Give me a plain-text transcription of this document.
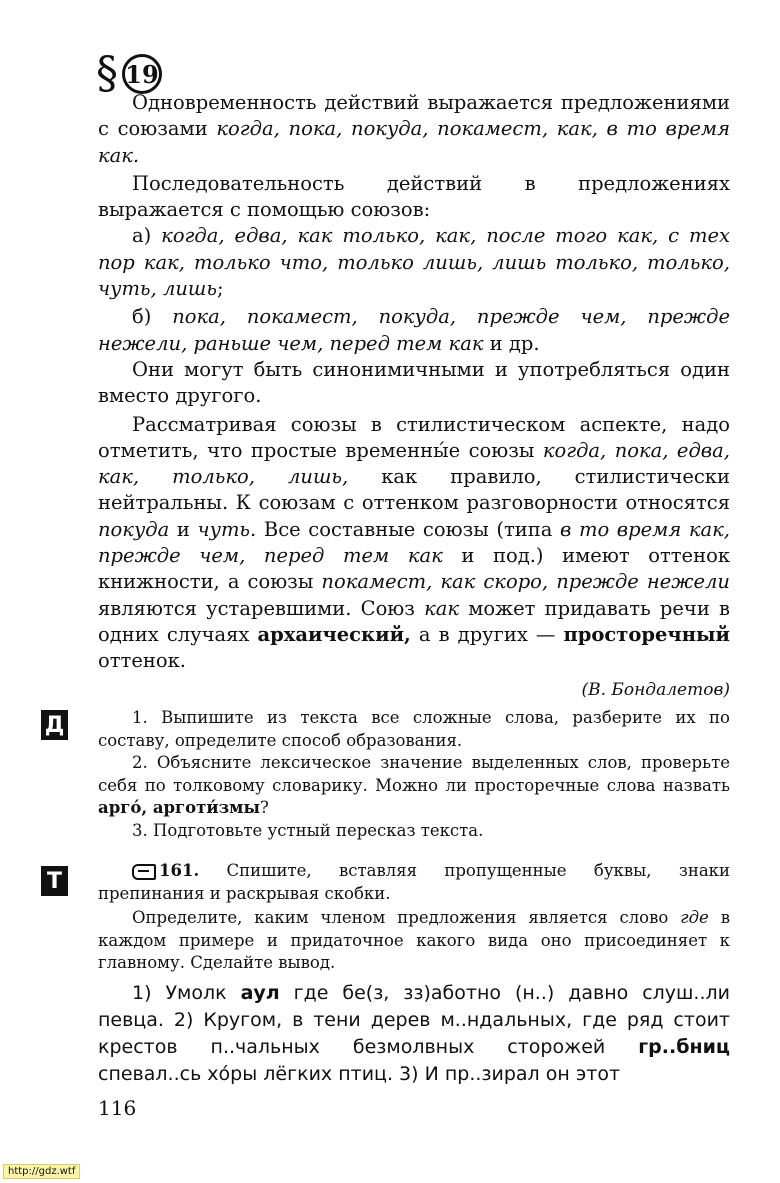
§ 19

Одновременность действий выражается предложениями с союзами когда, пока, покуда, покамест, как, в то время как.

Последовательность действий в предложениях выражается с помощью союзов:

а) когда, едва, как только, как, после того как, с тех пор как, только что, только лишь, лишь только, только, чуть, лишь;

б) пока, покамест, покуда, прежде чем, прежде нежели, раньше чем, перед тем как и др.

Они могут быть синонимичными и употребляться один вместо другого.

Рассматривая союзы в стилистическом аспекте, надо отметить, что простые временны́е союзы когда, пока, едва, как, только, лишь, как правило, стилистически нейтральны. К союзам с оттенком разговорности относятся покуда и чуть. Все составные союзы (типа в то время как, прежде чем, перед тем как и под.) имеют оттенок книжности, а союзы покамест, как скоро, прежде нежели являются устаревшими. Союз как может придавать речи в одних случаях архаический, а в других — просторечный оттенок.

(В. Бондалетов)
Д	1. Выпишите из текста все сложные слова, разберите их по составу, определите способ образования.

2. Объясните лексическое значение выделенных слов, проверьте себя по толковому словарику. Можно ли просторечные слова назвать арго́, арготи́змы?

3. Подготовьте устный пересказ текста.

Т	161. Спишите, вставляя пропущенные буквы, знаки препинания и раскрывая скобки.

Определите, каким членом предложения является слово где в каждом примере и придаточное какого вида оно присоединяет к главному. Сделайте вывод.

1) Умолк аул где бе(з, зз)аботно (н..) давно слуш..ли певца. 2) Кругом, в тени дерев м..ндальных, где ряд стоит крестов п..чальных безмолвных сторожей гр..бниц спевал..сь хо́ры лёгких птиц. 3) И пр..зирал он этот

116
http://gdz.wtf
